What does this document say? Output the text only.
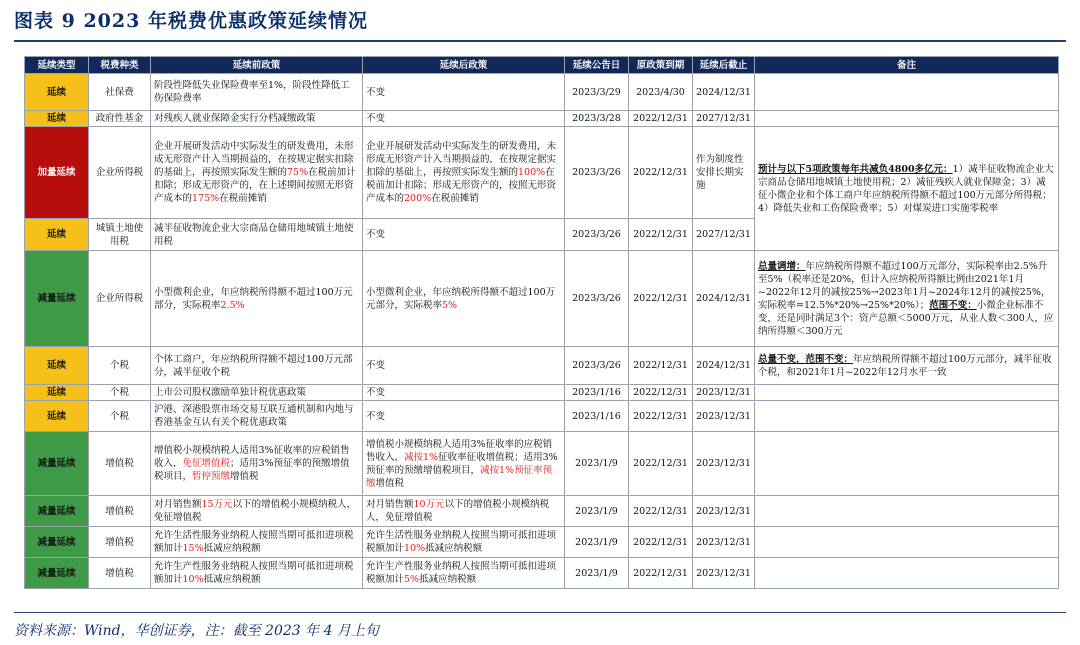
图表 9 2023 年税费优惠政策延续情况
延续类型	税费种类	延续前政策	延续后政策	延续公告日	原政策到期	延续后截止	备注
延续	社保费	阶段性降低失业保险费率至1%，阶段性降低工伤保险费率	不变	2023/3/29	2023/4/30	2024/12/31	
延续	政府性基金	对残疾人就业保障金实行分档减缴政策	不变	2023/3/28	2022/12/31	2027/12/31	
加量延续	企业所得税	企业开展研发活动中实际发生的研发费用，未形成无形资产计入当期损益的，在按规定据实扣除的基础上，再按照实际发生额的75%在税前加计扣除；形成无形资产的，在上述期间按照无形资产成本的175%在税前摊销	企业开展研发活动中实际发生的研发费用，未形成无形资产计入当期损益的，在按规定据实扣除的基础上，再按照实际发生额的100%在税前加计扣除；形成无形资产的，按照无形资产成本的200%在税前摊销	2023/3/26	2022/12/31	作为制度性安排长期实施	预计与以下5项政策每年共减负4800多亿元：1）减半征收物流企业大宗商品仓储用地城镇土地使用税；2）减征残疾人就业保障金；3）减征小微企业和个体工商户年应纳税所得额不超过100万元部分所得税；4）降低失业和工伤保险费率；5）对煤炭进口实施零税率
延续	城镇土地使用税	减半征收物流企业大宗商品仓储用地城镇土地使用税	不变	2023/3/26	2022/12/31	2027/12/31	
减量延续	企业所得税	小型微利企业，年应纳税所得额不超过100万元部分，实际税率2.5%	小型微利企业，年应纳税所得额不超过100万元部分，实际税率5%	2023/3/26	2022/12/31	2024/12/31	总量调增：年应纳税所得额不超过100万元部分，实际税率由2.5%升至5%（税率还是20%，但计入应纳税所得额比例由2021年1月~2022年12月的减按25%→2023年1月~2024年12月的减按25%，实际税率=12.5%*20%→25%*20%）；范围不变：小微企业标准不变，还是同时满足3个：资产总额＜5000万元，从业人数＜300人，应纳所得额＜300万元
延续	个税	个体工商户，年应纳税所得额不超过100万元部分，减半征收个税	不变	2023/3/26	2022/12/31	2024/12/31	总量不变，范围不变：年应纳税所得额不超过100万元部分，减半征收个税，和2021年1月~2022年12月水平一致
延续	个税	上市公司股权激励单独计税优惠政策	不变	2023/1/16	2022/12/31	2023/12/31	
延续	个税	沪港、深港股票市场交易互联互通机制和内地与香港基金互认有关个税优惠政策	不变	2023/1/16	2022/12/31	2023/12/31	
减量延续	增值税	增值税小规模纳税人适用3%征收率的应税销售收入，免征增值税；适用3%预征率的预缴增值税项目，暂停预缴增值税	增值税小规模纳税人适用3%征收率的应税销售收入，减按1%征收率征收增值税；适用3%预征率的预缴增值税项目，减按1%预征率预缴增值税	2023/1/9	2022/12/31	2023/12/31	
减量延续	增值税	对月销售额15万元以下的增值税小规模纳税人，免征增值税	对月销售额10万元以下的增值税小规模纳税人，免征增值税	2023/1/9	2022/12/31	2023/12/31	
减量延续	增值税	允许生活性服务业纳税人按照当期可抵扣进项税额加计15%抵减应纳税额	允许生活性服务业纳税人按照当期可抵扣进项税额加计10%抵减应纳税额	2023/1/9	2022/12/31	2023/12/31	
减量延续	增值税	允许生产性服务业纳税人按照当期可抵扣进项税额加计10%抵减应纳税额	允许生产性服务业纳税人按照当期可抵扣进项税额加计5%抵减应纳税额	2023/1/9	2022/12/31	2023/12/31	
资料来源：Wind，华创证券，注：截至 2023 年 4 月上旬
